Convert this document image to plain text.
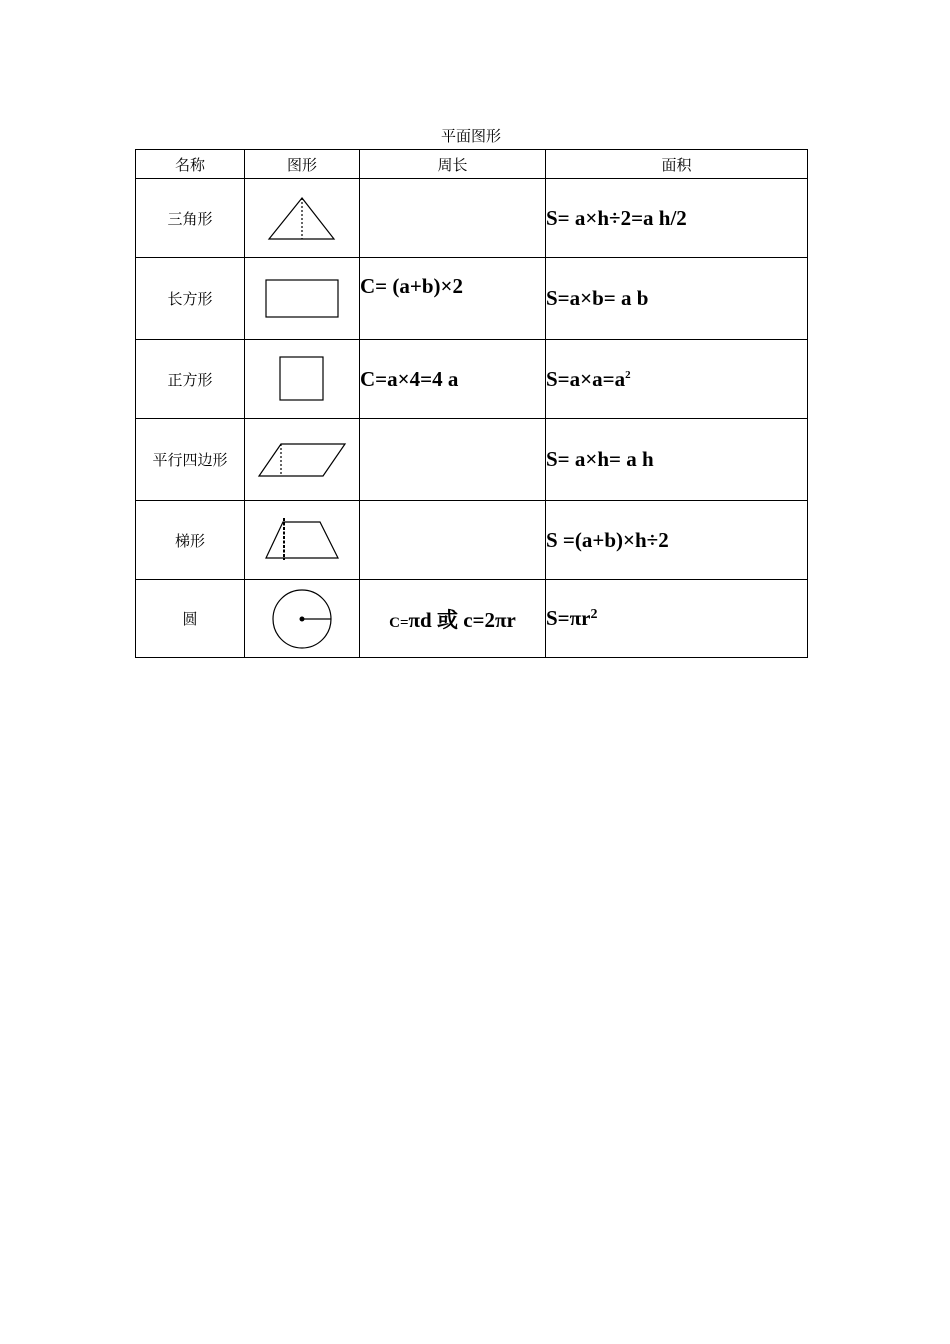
平面图形
名称	图形	周长	面积
三角形			S= a×h÷2=a h/2
长方形		C= (a+b)×2	S=a×b= a b
正方形		C=a×4=4 a	$S=a\times a=a^2$
平行四边形			S= a×h= a h
梯形			S =(a+b)×h÷2
圆		C=πd 或 c=2πr	$S=\pi r^2$
